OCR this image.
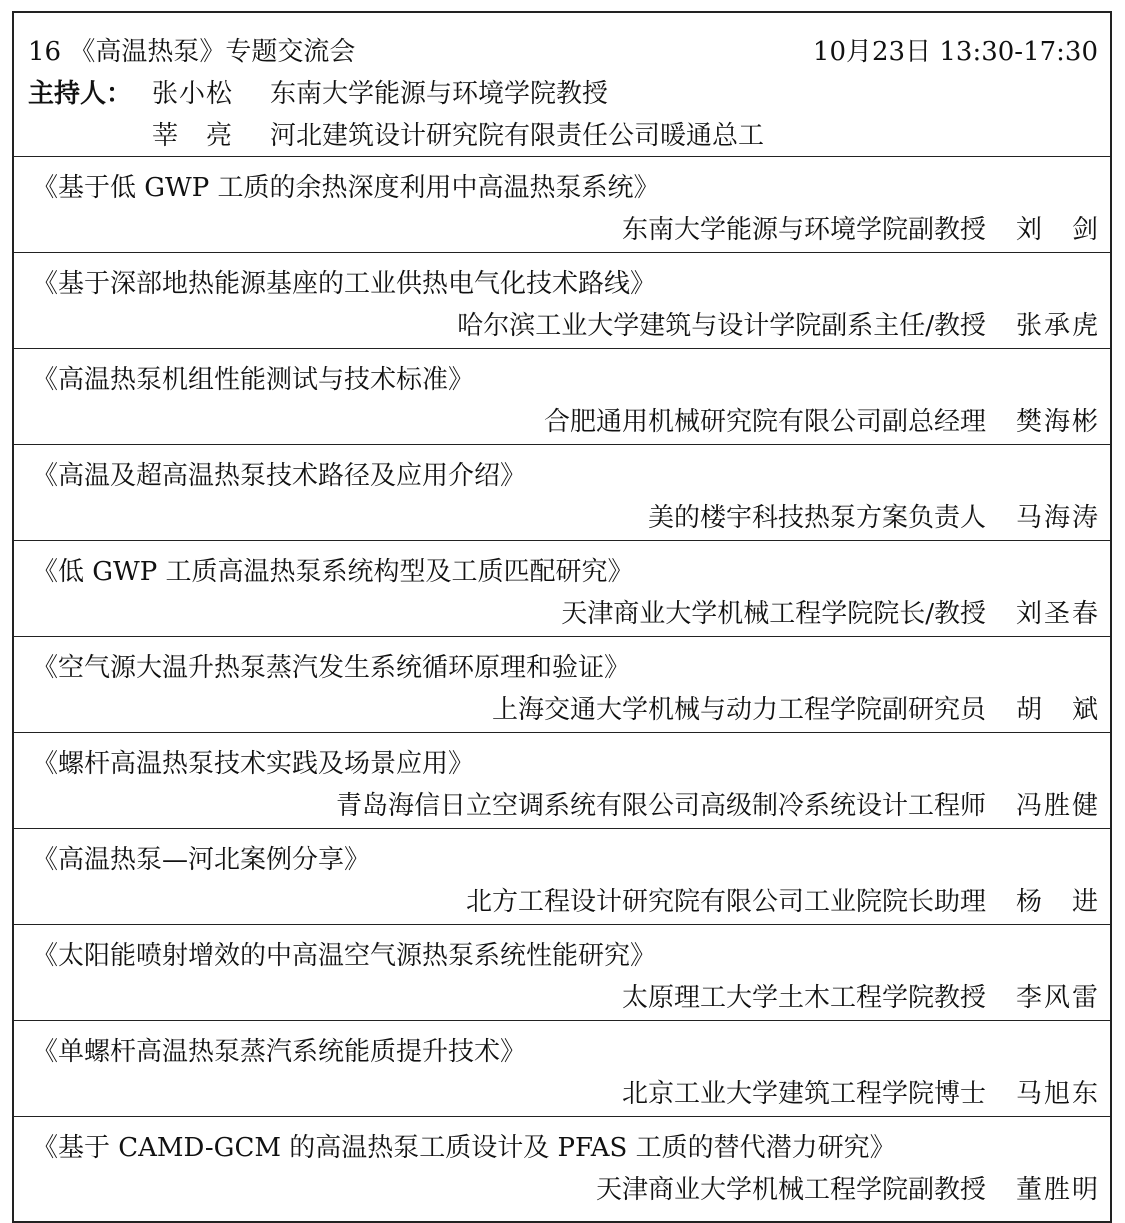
16 《高温热泵》专题交流会	10月23日 13:30-17:30
主持人： 张小松 东南大学能源与环境学院教授
莘　亮 河北建筑设计研究院有限责任公司暖通总工
《基于低 GWP 工质的余热深度利用中高温热泵系统》
东南大学能源与环境学院副教授 刘　剑
《基于深部地热能源基座的工业供热电气化技术路线》
哈尔滨工业大学建筑与设计学院副系主任/教授 张承虎
《高温热泵机组性能测试与技术标准》
合肥通用机械研究院有限公司副总经理 樊海彬
《高温及超高温热泵技术路径及应用介绍》
美的楼宇科技热泵方案负责人 马海涛
《低 GWP 工质高温热泵系统构型及工质匹配研究》
天津商业大学机械工程学院院长/教授 刘圣春
《空气源大温升热泵蒸汽发生系统循环原理和验证》
上海交通大学机械与动力工程学院副研究员 胡　斌
《螺杆高温热泵技术实践及场景应用》
青岛海信日立空调系统有限公司高级制冷系统设计工程师 冯胜健
《高温热泵—河北案例分享》
北方工程设计研究院有限公司工业院院长助理 杨　进
《太阳能喷射增效的中高温空气源热泵系统性能研究》
太原理工大学土木工程学院教授 李风雷
《单螺杆高温热泵蒸汽系统能质提升技术》
北京工业大学建筑工程学院博士 马旭东
《基于 CAMD-GCM 的高温热泵工质设计及 PFAS 工质的替代潜力研究》
天津商业大学机械工程学院副教授 董胜明
